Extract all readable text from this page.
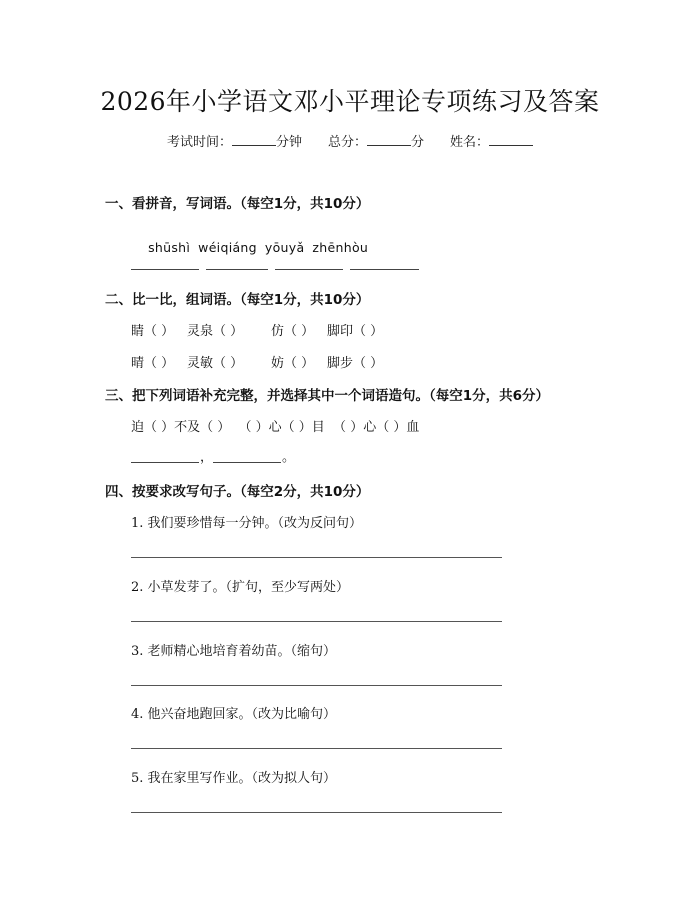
2026年小学语文邓小平理论专项练习及答案
考试时间：	分钟 总分：	分 姓名：
一、看拼音，写词语。（每空1分，共10分）

shūshì wéiqiáng yōuyǎ zhēnhòu

二、比一比，组词语。（每空1分，共10分）
睛（ ） 灵泉（ ） 仿（ ） 脚印（ ）
晴（ ） 灵敏（ ） 妨（ ） 脚步（ ）
三、把下列词语补充完整，并选择其中一个词语造句。（每空1分，共6分）
迫（ ）不及（ ）  （ ）心（ ）目  （ ）心（ ）血
，	。
四、按要求改写句子。（每空2分，共10分）
1. 我们要珍惜每一分钟。（改为反问句）
2. 小草发芽了。（扩句，至少写两处）
3. 老师精心地培育着幼苗。（缩句）
4. 他兴奋地跑回家。（改为比喻句）
5. 我在家里写作业。（改为拟人句）
